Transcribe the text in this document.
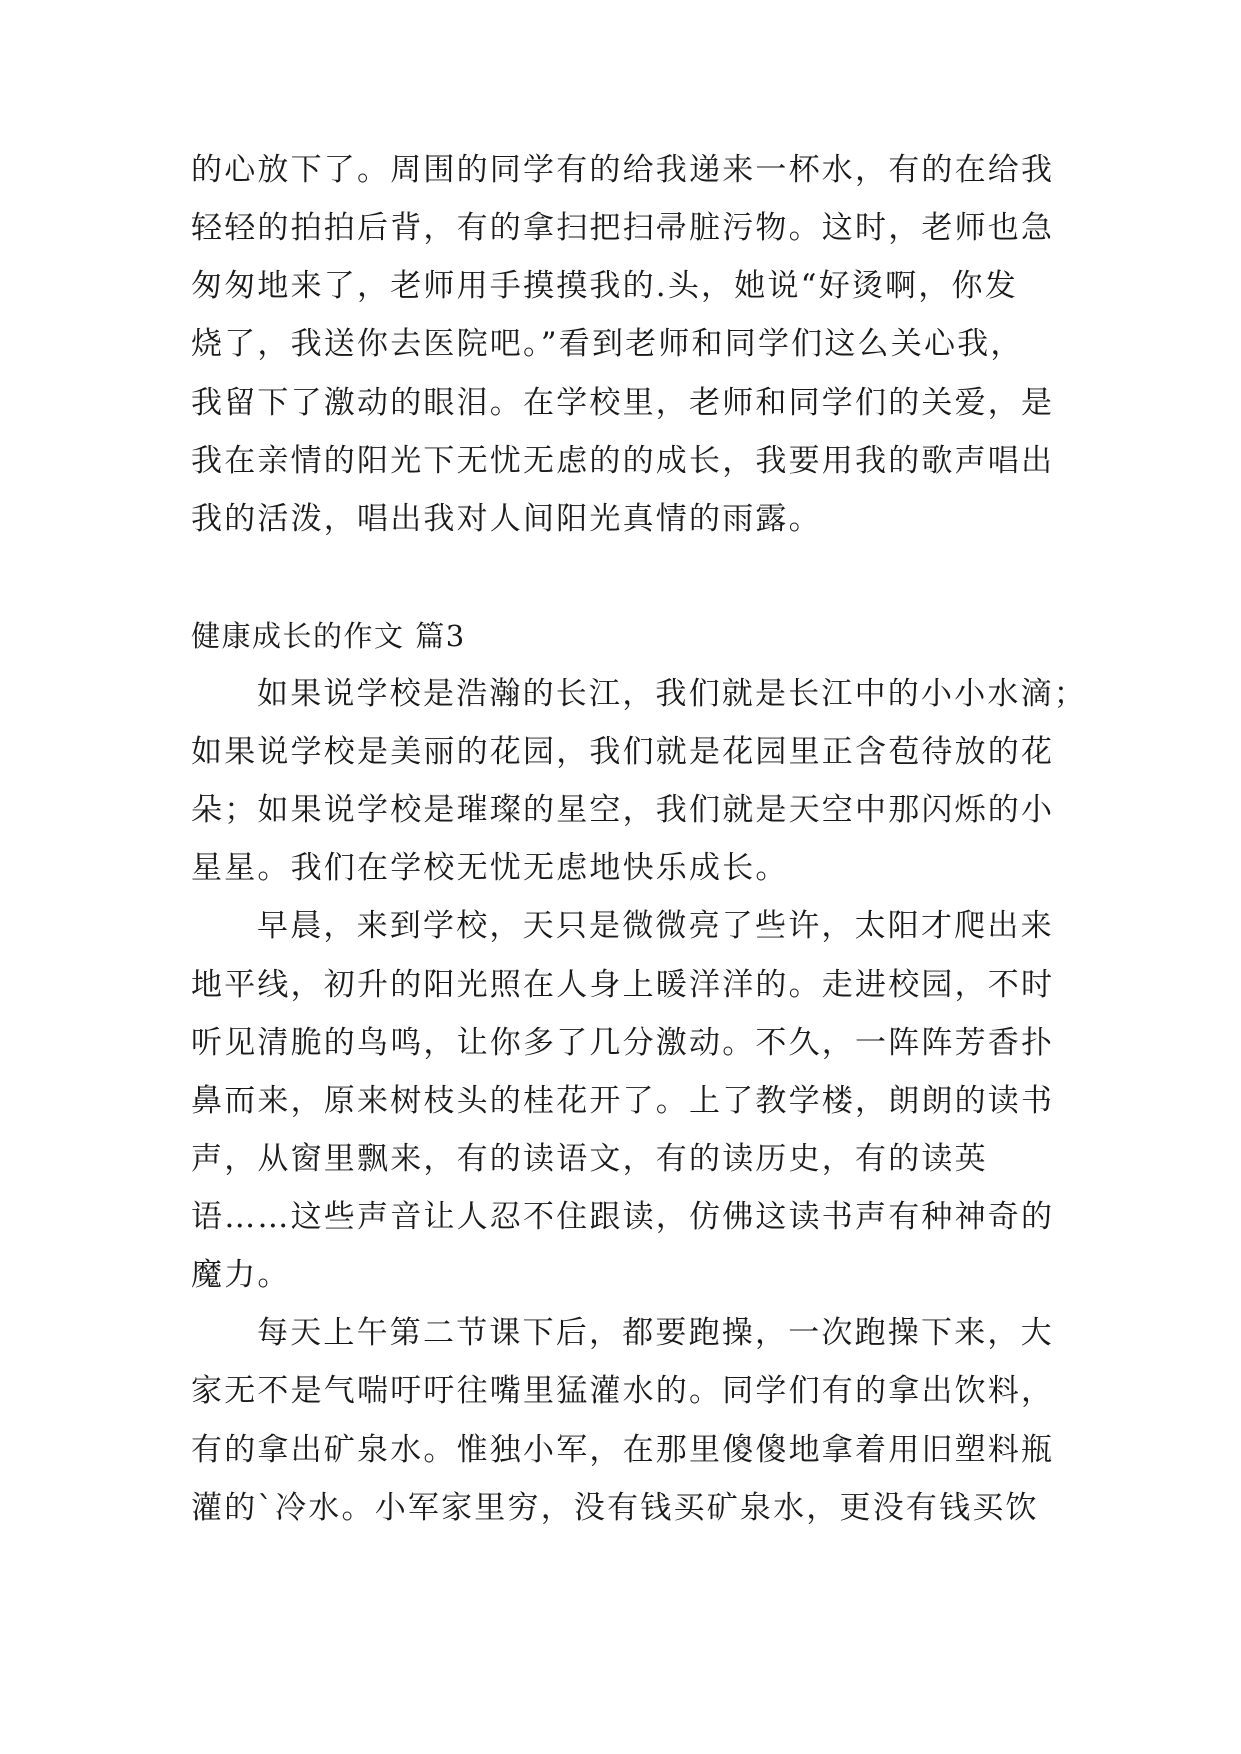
的心放下了。周围的同学有的给我递来一杯水，有的在给我

轻轻的拍拍后背，有的拿扫把扫帚脏污物。这时，老师也急

匆匆地来了，老师用手摸摸我的.头，她说“好烫啊，你发

烧了，我送你去医院吧。”看到老师和同学们这么关心我，

我留下了激动的眼泪。在学校里，老师和同学们的关爱，是

我在亲情的阳光下无忧无虑的的成长，我要用我的歌声唱出

我的活泼，唱出我对人间阳光真情的雨露。

健康成长的作文 篇3

如果说学校是浩瀚的长江，我们就是长江中的小小水滴；

如果说学校是美丽的花园，我们就是花园里正含苞待放的花

朵；如果说学校是璀璨的星空，我们就是天空中那闪烁的小

星星。我们在学校无忧无虑地快乐成长。

早晨，来到学校，天只是微微亮了些许，太阳才爬出来

地平线，初升的阳光照在人身上暖洋洋的。走进校园，不时

听见清脆的鸟鸣，让你多了几分激动。不久，一阵阵芳香扑

鼻而来，原来树枝头的桂花开了。上了教学楼，朗朗的读书

声，从窗里飘来，有的读语文，有的读历史，有的读英

语……这些声音让人忍不住跟读，仿佛这读书声有种神奇的

魔力。

每天上午第二节课下后，都要跑操，一次跑操下来，大

家无不是气喘吁吁往嘴里猛灌水的。同学们有的拿出饮料，

有的拿出矿泉水。惟独小军，在那里傻傻地拿着用旧塑料瓶

灌的`冷水。小军家里穷，没有钱买矿泉水，更没有钱买饮
